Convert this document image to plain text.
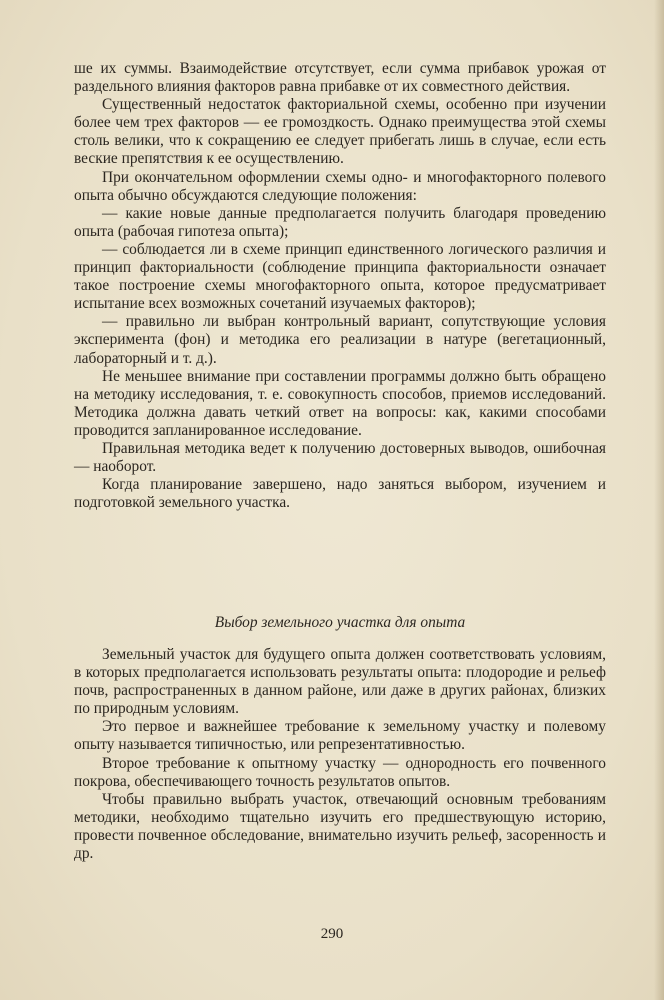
ше их суммы. Взаимодействие отсутствует, если сумма прибавок урожая от раздельного влияния факторов равна прибавке от их совместного действия.

Существенный недостаток факториальной схемы, особенно при изучении более чем трех факторов — ее громоздкость. Однако преимущества этой схемы столь велики, что к сокращению ее следует прибегать лишь в случае, если есть веские препятствия к ее осуществлению.

При окончательном оформлении схемы одно- и многофакторного полевого опыта обычно обсуждаются следующие положения:

— какие новые данные предполагается получить благодаря проведению опыта (рабочая гипотеза опыта);

— соблюдается ли в схеме принцип единственного логического различия и принцип факториальности (соблюдение принципа факториальности означает такое построение схемы многофакторного опыта, которое предусматривает испытание всех возможных сочетаний изучаемых факторов);

— правильно ли выбран контрольный вариант, сопутствующие условия эксперимента (фон) и методика его реализации в натуре (вегетационный, лабораторный и т. д.).

Не меньшее внимание при составлении программы должно быть обращено на методику исследования, т. е. совокупность способов, приемов исследований. Методика должна давать четкий ответ на вопросы: как, какими способами проводится запланированное исследование.

Правильная методика ведет к получению достоверных выводов, ошибочная — наоборот.

Когда планирование завершено, надо заняться выбором, изучением и подготовкой земельного участка.

Выбор земельного участка для опыта

Земельный участок для будущего опыта должен соответствовать условиям, в которых предполагается использовать результаты опыта: плодородие и рельеф почв, распространенных в данном районе, или даже в других районах, близких по природным условиям.

Это первое и важнейшее требование к земельному участку и полевому опыту называется типичностью, или репрезентативностью.

Второе требование к опытному участку — однородность его почвенного покрова, обеспечивающего точность результатов опытов.

Чтобы правильно выбрать участок, отвечающий основным требованиям методики, необходимо тщательно изучить его предшествующую историю, провести почвенное обследование, внимательно изучить рельеф, засоренность и др.

290
